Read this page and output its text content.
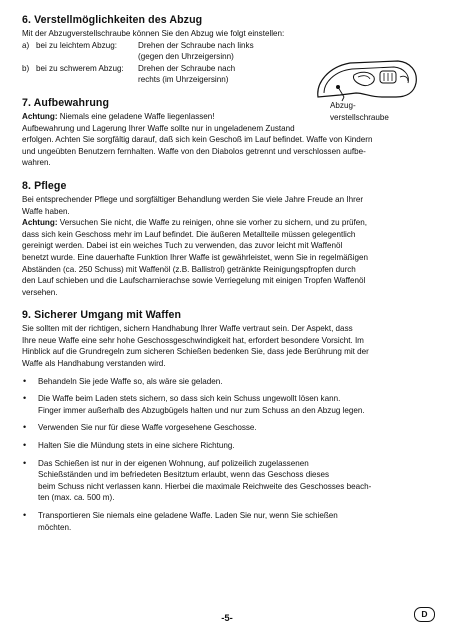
6. Verstellmöglichkeiten des Abzug

Mit der Abzugverstellschraube können Sie den Abzug wie folgt einstellen:

a) bei zu leichtem Abzug:	Drehen der Schraube nach links
(gegen den Uhrzeigersinn)
b) bei zu schwerem Abzug:	Drehen der Schraube nach
rechts (im Uhrzeigersinn)
7. Aufbewahrung

Achtung: Niemals eine geladene Waffe liegenlassen!

Aufbewahrung und Lagerung Ihrer Waffe sollte nur in ungeladenem Zustand

erfolgen. Achten Sie sorgfältig darauf, daß sich kein Geschoß im Lauf befindet. Waffe von Kindern

und ungeübten Benutzern fernhalten. Waffe von den Diabolos getrennt und verschlossen aufbe-

wahren.

8. Pflege

Bei entsprechender Pflege und sorgfältiger Behandlung werden Sie viele Jahre Freude an Ihrer

Waffe haben.

Achtung: Versuchen Sie nicht, die Waffe zu reinigen, ohne sie vorher zu sichern, und zu prüfen,

dass sich kein Geschoss mehr im Lauf befindet. Die äußeren Metallteile müssen gelegentlich

gereinigt werden. Dabei ist ein weiches Tuch zu verwenden, das zuvor leicht mit Waffenöl

benetzt wurde. Eine dauerhafte Funktion Ihrer Waffe ist gewährleistet, wenn Sie in regelmäßigen

Abständen (ca. 250 Schuss) mit Waffenöl (z.B. Ballistrol) getränkte Reinigungspfropfen durch

den Lauf schieben und die Laufscharnierachse sowie Verriegelung mit einigen Tropfen Waffenöl

versehen.

9. Sicherer Umgang mit Waffen

Sie sollten mit der richtigen, sichern Handhabung Ihrer Waffe vertraut sein. Der Aspekt, dass

Ihre neue Waffe eine sehr hohe Geschossgeschwindigkeit hat, erfordert besondere Vorsicht. Im

Hinblick auf die Grundregeln zum sicheren Schießen bedenken Sie, dass jede Berührung mit der

Waffe als Handhabung verstanden wird.

• Behandeln Sie jede Waffe so, als wäre sie geladen.
• Die Waffe beim Laden stets sichern, so dass sich kein Schuss ungewollt lösen kann.
Finger immer außerhalb des Abzugbügels halten und nur zum Schuss an den Abzug legen.
• Verwenden Sie nur für diese Waffe vorgesehene Geschosse.
• Halten Sie die Mündung stets in eine sichere Richtung.
• Das Schießen ist nur in der eigenen Wohnung, auf polizeilich zugelassenen
Schießständen und im befriedeten Besitztum erlaubt, wenn das Geschoss dieses
beim Schuss nicht verlassen kann. Hierbei die maximale Reichweite des Geschosses beach-
ten (max. ca. 500 m).
• Transportieren Sie niemals eine geladene Waffe. Laden Sie nur, wenn Sie schießen
möchten.
Abzug-
verstellschraube
-5-	D
